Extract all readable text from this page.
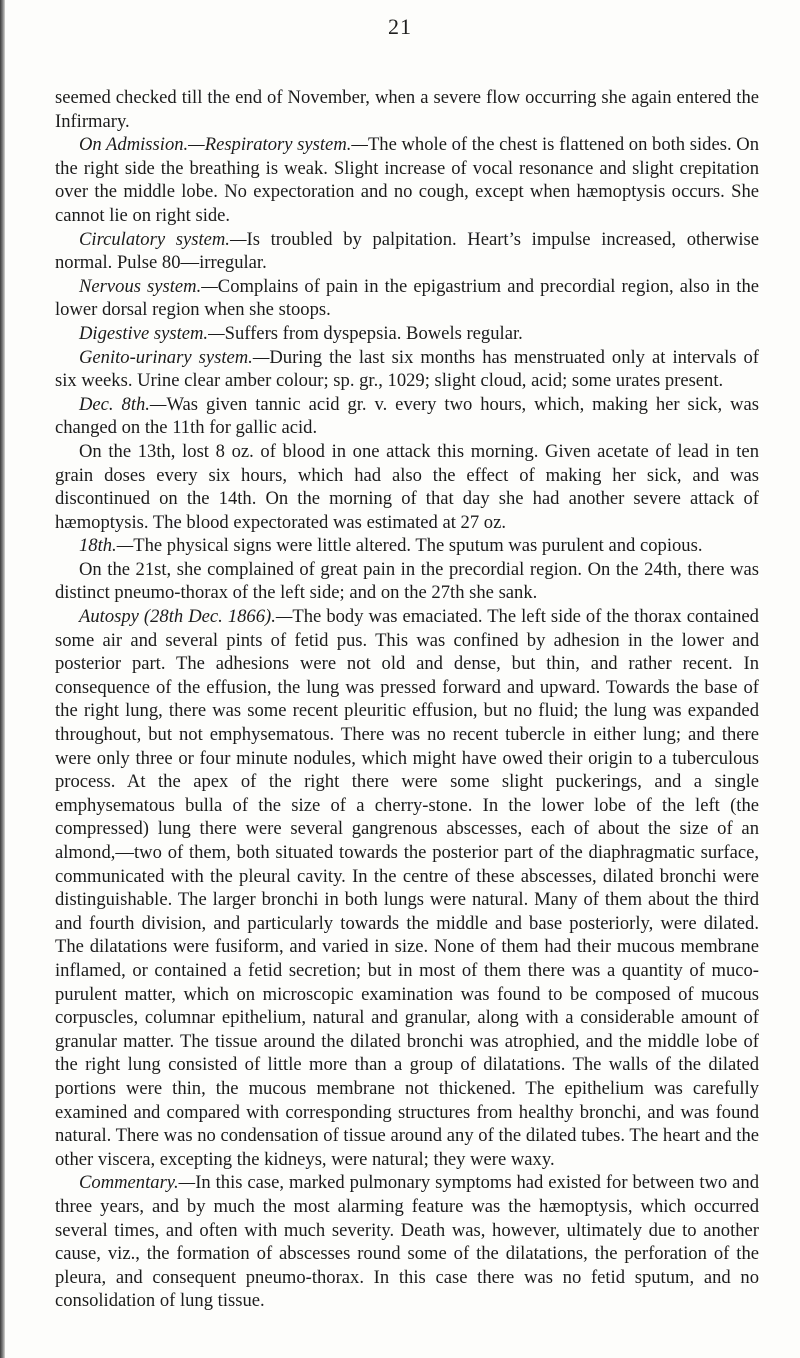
21

seemed checked till the end of November, when a severe flow occurring she again entered the Infirmary.

On Admission.—Respiratory system.—The whole of the chest is flattened on both sides. On the right side the breathing is weak. Slight increase of vocal resonance and slight crepitation over the middle lobe. No expectoration and no cough, except when hæmoptysis occurs. She cannot lie on right side.

Circulatory system.—Is troubled by palpitation. Heart’s impulse increased, otherwise normal. Pulse 80—irregular.

Nervous system.—Complains of pain in the epigastrium and precordial region, also in the lower dorsal region when she stoops.

Digestive system.—Suffers from dyspepsia. Bowels regular.

Genito-urinary system.—During the last six months has menstruated only at intervals of six weeks. Urine clear amber colour; sp. gr., 1029; slight cloud, acid; some urates present.

Dec. 8th.—Was given tannic acid gr. v. every two hours, which, making her sick, was changed on the 11th for gallic acid.

On the 13th, lost 8 oz. of blood in one attack this morning. Given acetate of lead in ten grain doses every six hours, which had also the effect of making her sick, and was discontinued on the 14th. On the morning of that day she had another severe attack of hæmoptysis. The blood expectorated was estimated at 27 oz.

18th.—The physical signs were little altered. The sputum was purulent and copious.

On the 21st, she complained of great pain in the precordial region. On the 24th, there was distinct pneumo-thorax of the left side; and on the 27th she sank.

Autospy (28th Dec. 1866).—The body was emaciated. The left side of the thorax contained some air and several pints of fetid pus. This was confined by adhesion in the lower and posterior part. The adhesions were not old and dense, but thin, and rather recent. In consequence of the effusion, the lung was pressed forward and upward. Towards the base of the right lung, there was some recent pleuritic effusion, but no fluid; the lung was expanded throughout, but not emphysematous. There was no recent tubercle in either lung; and there were only three or four minute nodules, which might have owed their origin to a tuberculous process. At the apex of the right there were some slight puckerings, and a single emphysematous bulla of the size of a cherry-stone. In the lower lobe of the left (the compressed) lung there were several gangrenous abscesses, each of about the size of an almond,—two of them, both situated towards the posterior part of the diaphragmatic surface, communicated with the pleural cavity. In the centre of these abscesses, dilated bronchi were distinguishable. The larger bronchi in both lungs were natural. Many of them about the third and fourth division, and particularly towards the middle and base posteriorly, were dilated. The dilatations were fusiform, and varied in size. None of them had their mucous membrane inflamed, or contained a fetid secretion; but in most of them there was a quantity of muco-purulent matter, which on microscopic examination was found to be composed of mucous corpuscles, columnar epithelium, natural and granular, along with a considerable amount of granular matter. The tissue around the dilated bronchi was atrophied, and the middle lobe of the right lung consisted of little more than a group of dilatations. The walls of the dilated portions were thin, the mucous membrane not thickened. The epithelium was carefully examined and compared with corresponding structures from healthy bronchi, and was found natural. There was no condensation of tissue around any of the dilated tubes. The heart and the other viscera, excepting the kidneys, were natural; they were waxy.

Commentary.—In this case, marked pulmonary symptoms had existed for between two and three years, and by much the most alarming feature was the hæmoptysis, which occurred several times, and often with much severity. Death was, however, ultimately due to another cause, viz., the formation of abscesses round some of the dilatations, the perforation of the pleura, and consequent pneumo-thorax. In this case there was no fetid sputum, and no consolidation of lung tissue.
